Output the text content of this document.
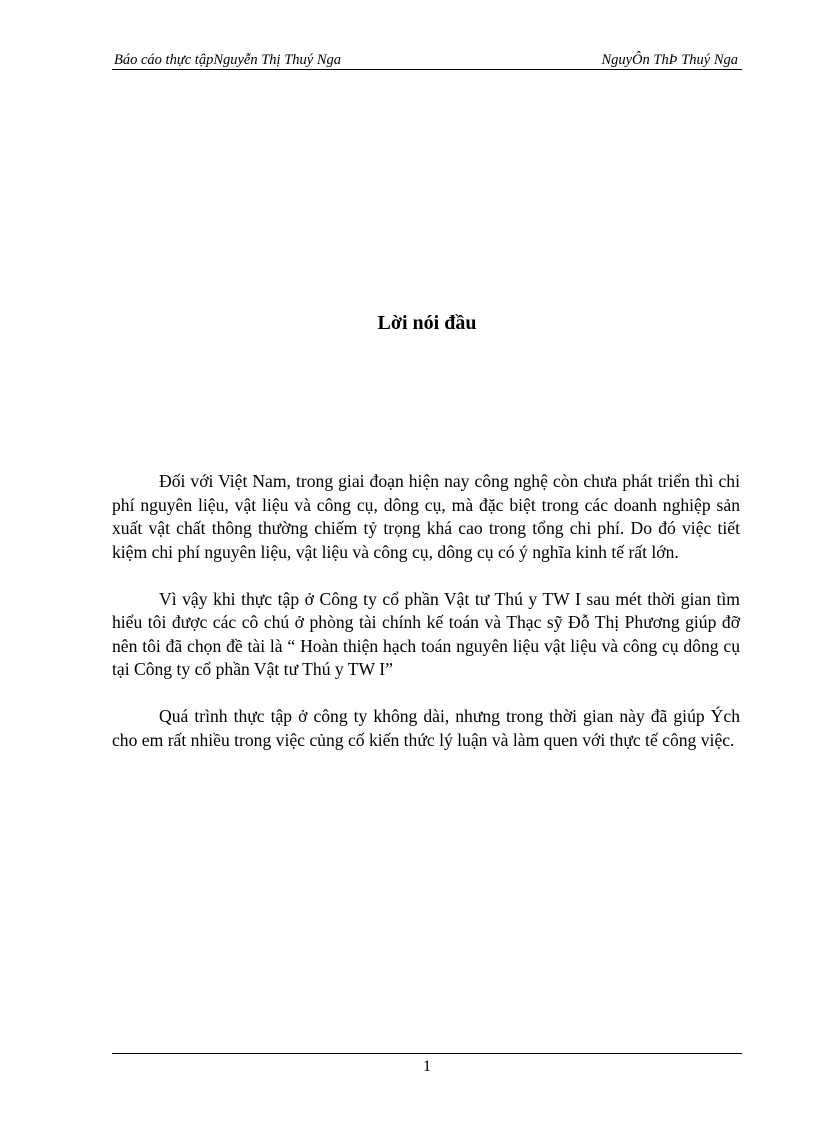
Báo cáo thực tậpNguyễn Thị Thuý Nga	NguyÔn ThÞ Thuý Nga
Lời nói đầu

Đối với Việt Nam, trong giai đoạn hiện nay công nghệ còn chưa phát triển thì chi phí nguyên liệu, vật liệu và công cụ, dông cụ, mà đặc biệt trong các doanh nghiệp sản xuất vật chất thông thường chiếm tỷ trọng khá cao trong tổng chi phí. Do đó việc tiết kiệm chi phí nguyên liệu, vật liệu và công cụ, dông cụ có ý nghĩa kinh tế rất lớn.

Vì vậy khi thực tập ở Công ty cổ phần Vật tư Thú y TW I sau mét thời gian tìm hiểu tôi được các cô chú ở phòng tài chính kế toán và Thạc sỹ Đỗ Thị Phương giúp đỡ nên tôi đã chọn đề tài là “ Hoàn thiện hạch toán nguyên liệu vật liệu và công cụ dông cụ tại Công ty cổ phần Vật tư Thú y TW I”

Quá trình thực tập ở công ty không dài, nhưng trong thời gian này đã giúp Ých cho em rất nhiều trong việc củng cố kiến thức lý luận và làm quen với thực tế công việc.

1
